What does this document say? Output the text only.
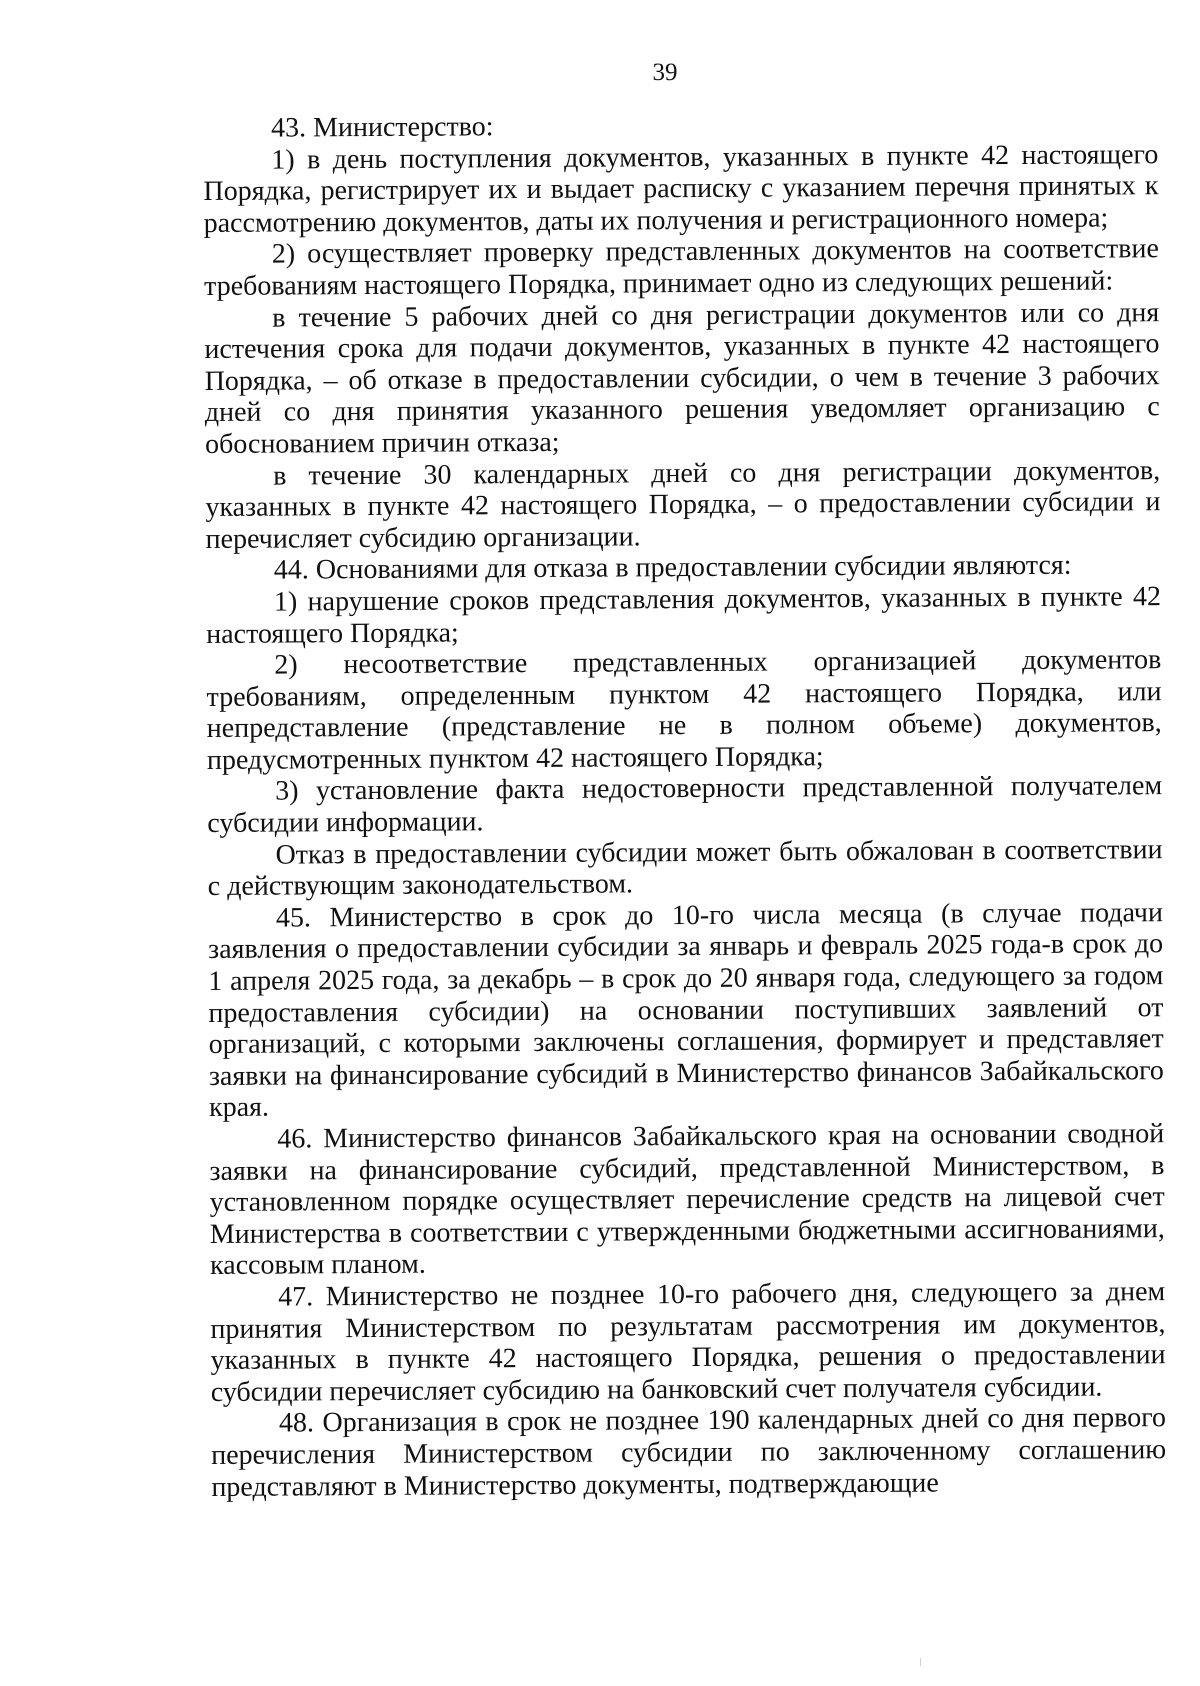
39

43. Министерство:

1) в день поступления документов, указанных в пункте 42 настоящего Порядка, регистрирует их и выдает расписку с указанием перечня принятых к рассмотрению документов, даты их получения и регистрационного номера;

2) осуществляет проверку представленных документов на соответствие требованиям настоящего Порядка, принимает одно из следующих решений:

в течение 5 рабочих дней со дня регистрации документов или со дня истечения срока для подачи документов, указанных в пункте 42 настоящего Порядка, – об отказе в предоставлении субсидии, о чем в течение 3 рабочих дней со дня принятия указанного решения уведомляет организацию с обоснованием причин отказа;

в течение 30 календарных дней со дня регистрации документов, указанных в пункте 42 настоящего Порядка, – о предоставлении субсидии и перечисляет субсидию организации.

44. Основаниями для отказа в предоставлении субсидии являются:

1) нарушение сроков представления документов, указанных в пункте 42 настоящего Порядка;

2) несоответствие представленных организацией документов требованиям, определенным пунктом 42 настоящего Порядка, или непредставление (представление не в полном объеме) документов, предусмотренных пунктом 42 настоящего Порядка;

3) установление факта недостоверности представленной получателем субсидии информации.

Отказ в предоставлении субсидии может быть обжалован в соответствии с действующим законодательством.

45. Министерство в срок до 10-го числа месяца (в случае подачи заявления о предоставлении субсидии за январь и февраль 2025 года-в срок до 1 апреля 2025 года, за декабрь – в срок до 20 января года, следующего за годом предоставления субсидии) на основании поступивших заявлений от организаций, с которыми заключены соглашения, формирует и представляет заявки на финансирование субсидий в Министерство финансов Забайкальского края.

46. Министерство финансов Забайкальского края на основании сводной заявки на финансирование субсидий, представленной Министерством, в установленном порядке осуществляет перечисление средств на лицевой счет Министерства в соответствии с утвержденными бюджетными ассигнованиями, кассовым планом.

47. Министерство не позднее 10-го рабочего дня, следующего за днем принятия Министерством по результатам рассмотрения им документов, указанных в пункте 42 настоящего Порядка, решения о предоставлении субсидии перечисляет субсидию на банковский счет получателя субсидии.

48. Организация в срок не позднее 190 календарных дней со дня первого перечисления Министерством субсидии по заключенному соглашению представляют в Министерство документы, подтверждающие
